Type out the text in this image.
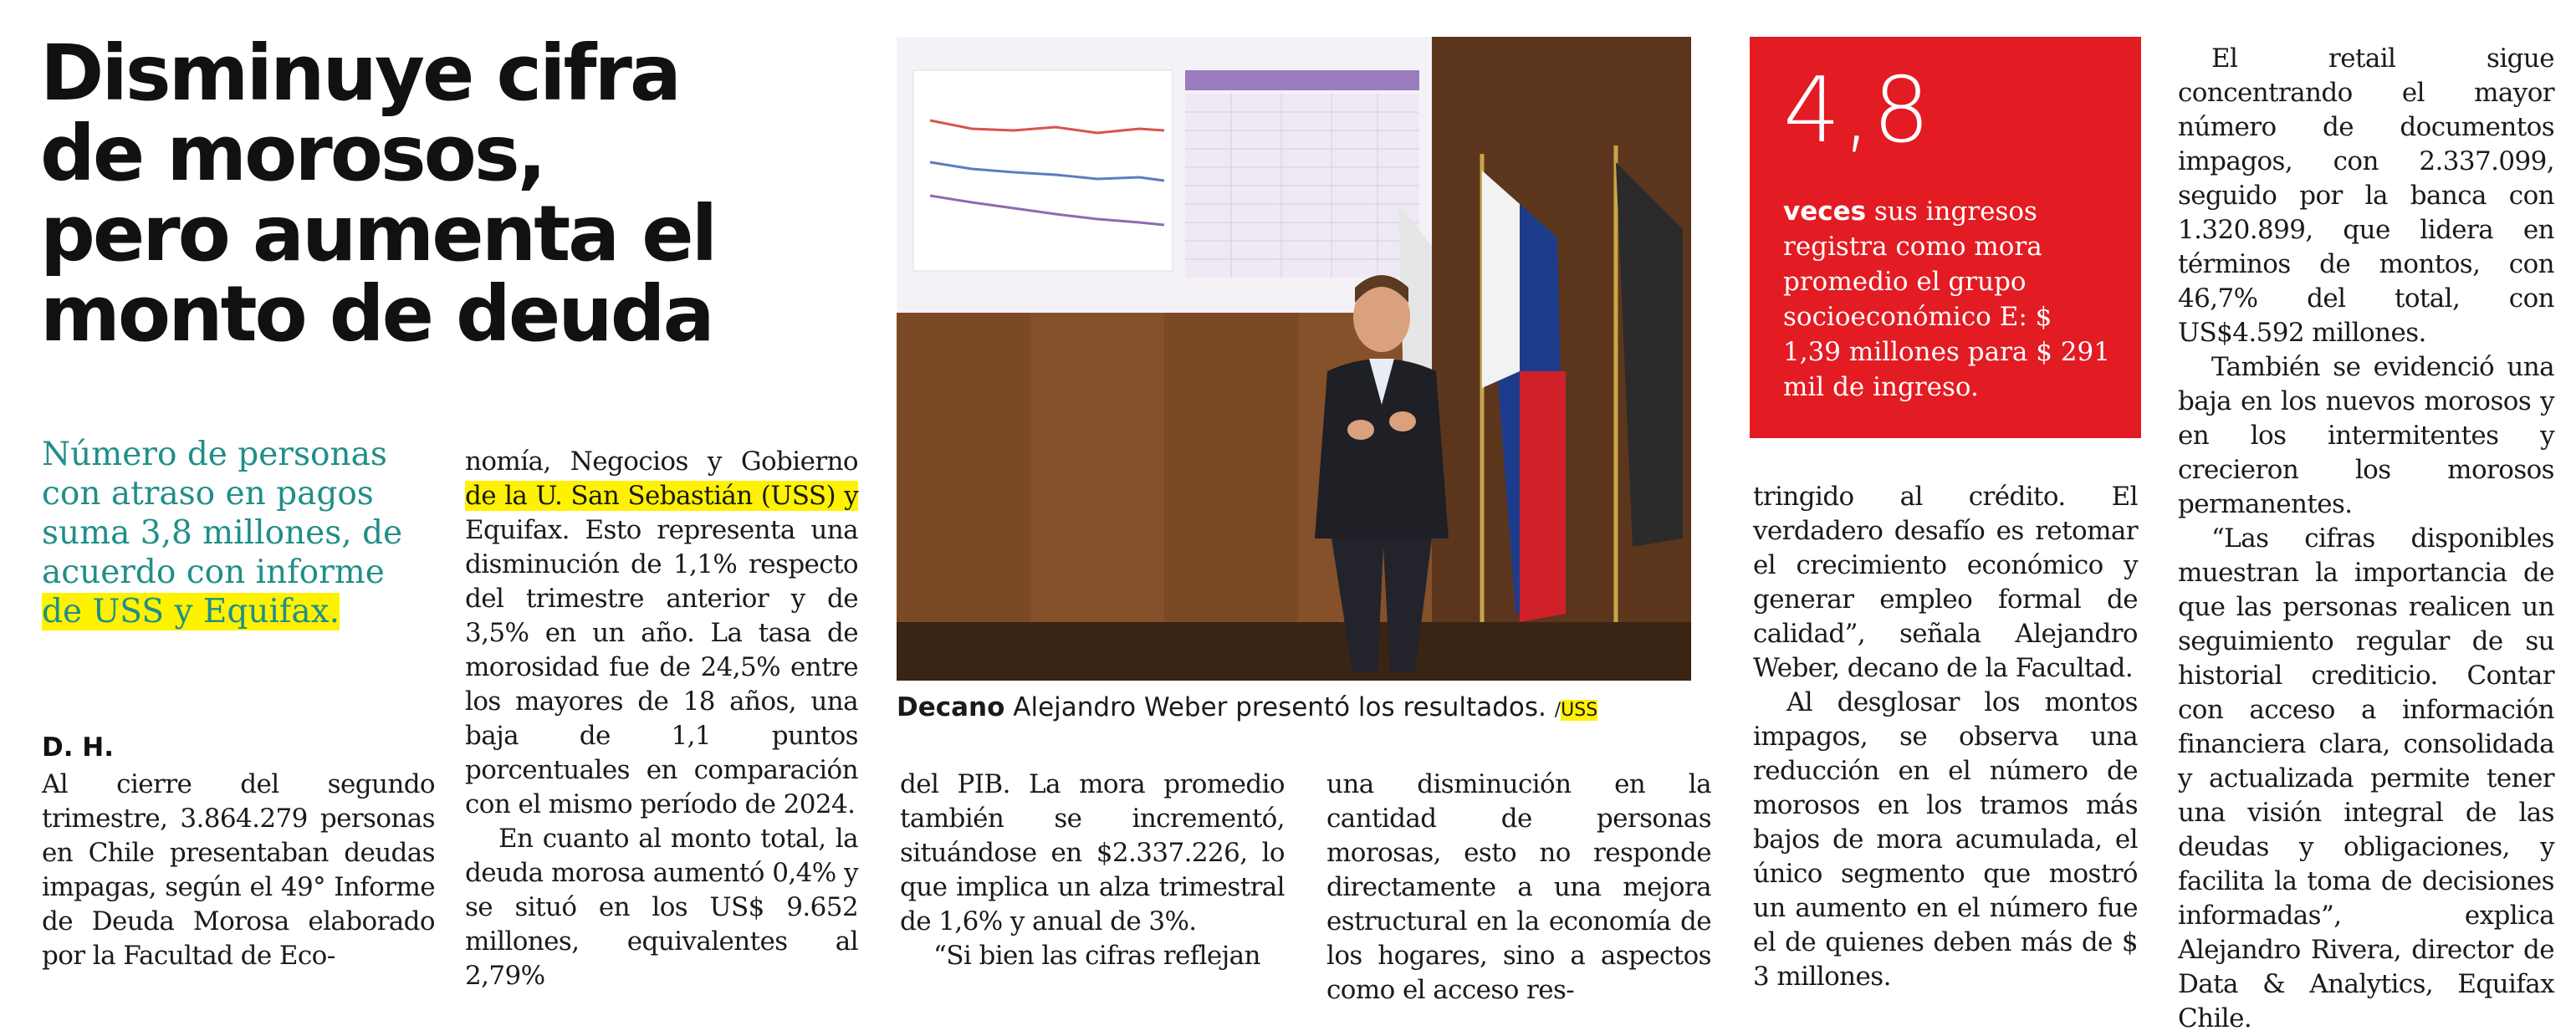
Disminuye cifra
de morosos,
pero aumenta el
monto de deuda
Número de personas con atraso en pagos suma 3,8 millones, de acuerdo con informe de USS y Equifax.
D. H.

Al cierre del segundo trimestre, 3.864.279 personas en Chile presentaban deudas impagas, según el 49° Informe de Deuda Morosa elaborado por la Facultad de Eco-

nomía, Negocios y Gobierno de la U. San Sebastián (USS) y Equifax. Esto representa una disminución de 1,1% respecto del trimestre anterior y de 3,5% en un año. La tasa de morosidad fue de 24,5% entre los mayores de 18 años, una baja de 1,1 puntos porcentuales en comparación con el mismo período de 2024.

En cuanto al monto total, la deuda morosa aumentó 0,4% y se situó en los US$ 9.652 millones, equivalentes al 2,79%

Decano Alejandro Weber presentó los resultados. /USS

del PIB. La mora promedio también se incrementó, situándose en $2.337.226, lo que implica un alza trimestral de 1,6% y anual de 3%.

“Si bien las cifras reflejan

una disminución en la cantidad de personas morosas, esto no responde directamente a una mejora estructural en la economía de los hogares, sino a aspectos como el acceso res-

4,8
veces sus ingresos registra como mora promedio el grupo socioeconómico E: $ 1,39 millones para $ 291 mil de ingreso.

tringido al crédito. El verdadero desafío es retomar el crecimiento económico y generar empleo formal de calidad”, señala Alejandro Weber, decano de la Facultad.

Al desglosar los montos impagos, se observa una reducción en el número de morosos en los tramos más bajos de mora acumulada, el único segmento que mostró un aumento en el número fue el de quienes deben más de $ 3 millones.

El retail sigue concentrando el mayor número de documentos impagos, con 2.337.099, seguido por la banca con 1.320.899, que lidera en términos de montos, con 46,7% del total, con US$4.592 millones.

También se evidenció una baja en los nuevos morosos y en los intermitentes y crecieron los morosos permanentes.

“Las cifras disponibles muestran la importancia de que las personas realicen un seguimiento regular de su historial crediticio. Contar con acceso a información financiera clara, consolidada y actualizada permite tener una visión integral de las deudas y obligaciones, y facilita la toma de decisiones informadas”, explica Alejandro Rivera, director de Data & Analytics, Equifax Chile.
